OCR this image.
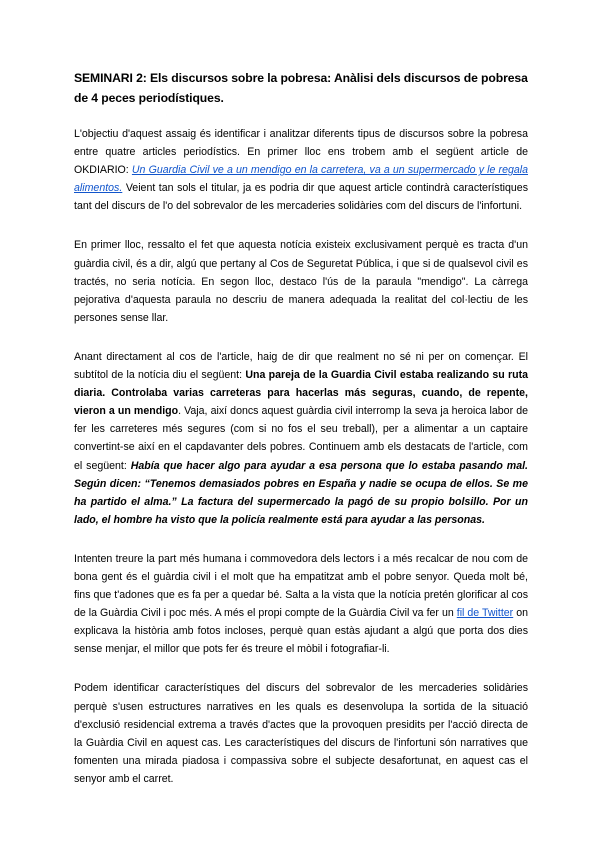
SEMINARI 2: Els discursos sobre la pobresa: Anàlisi dels discursos de pobresa de 4 peces periodístiques.

L'objectiu d'aquest assaig és identificar i analitzar diferents tipus de discursos sobre la pobresa entre quatre articles periodístics. En primer lloc ens trobem amb el següent article de OKDIARIO: Un Guardia Civil ve a un mendigo en la carretera, va a un supermercado y le regala alimentos. Veient tan sols el titular, ja es podria dir que aquest article contindrà característiques tant del discurs de l'o del sobrevalor de les mercaderies solidàries com del discurs de l'infortuni.

En primer lloc, ressalto el fet que aquesta notícia existeix exclusivament perquè es tracta d'un guàrdia civil, és a dir, algú que pertany al Cos de Seguretat Pública, i que si de qualsevol civil es tractés, no seria notícia. En segon lloc, destaco l'ús de la paraula "mendigo". La càrrega pejorativa d'aquesta paraula no descriu de manera adequada la realitat del col·lectiu de les persones sense llar.

Anant directament al cos de l'article, haig de dir que realment no sé ni per on començar. El subtítol de la notícia diu el següent: Una pareja de la Guardia Civil estaba realizando su ruta diaria. Controlaba varias carreteras para hacerlas más seguras, cuando, de repente, vieron a un mendigo. Vaja, així doncs aquest guàrdia civil interromp la seva ja heroica labor de fer les carreteres més segures (com si no fos el seu treball), per a alimentar a un captaire convertint-se així en el capdavanter dels pobres. Continuem amb els destacats de l'article, com el següent: Había que hacer algo para ayudar a esa persona que lo estaba pasando mal. Según dicen: “Tenemos demasiados pobres en España y nadie se ocupa de ellos. Se me ha partido el alma.” La factura del supermercado la pagó de su propio bolsillo. Por un lado, el hombre ha visto que la policía realmente está para ayudar a las personas.

Intenten treure la part més humana i commovedora dels lectors i a més recalcar de nou com de bona gent és el guàrdia civil i el molt que ha empatitzat amb el pobre senyor. Queda molt bé, fins que t'adones que es fa per a quedar bé. Salta a la vista que la notícia pretén glorificar al cos de la Guàrdia Civil i poc més. A més el propi compte de la Guàrdia Civil va fer un fil de Twitter on explicava la història amb fotos incloses, perquè quan estàs ajudant a algú que porta dos dies sense menjar, el millor que pots fer és treure el mòbil i fotografiar-li.

Podem identificar característiques del discurs del sobrevalor de les mercaderies solidàries perquè s'usen estructures narratives en les quals es desenvolupa la sortida de la situació d'exclusió residencial extrema a través d'actes que la provoquen presidits per l'acció directa de la Guàrdia Civil en aquest cas. Les característiques del discurs de l'infortuni són narratives que fomenten una mirada piadosa i compassiva sobre el subjecte desafortunat, en aquest cas el senyor amb el carret.
